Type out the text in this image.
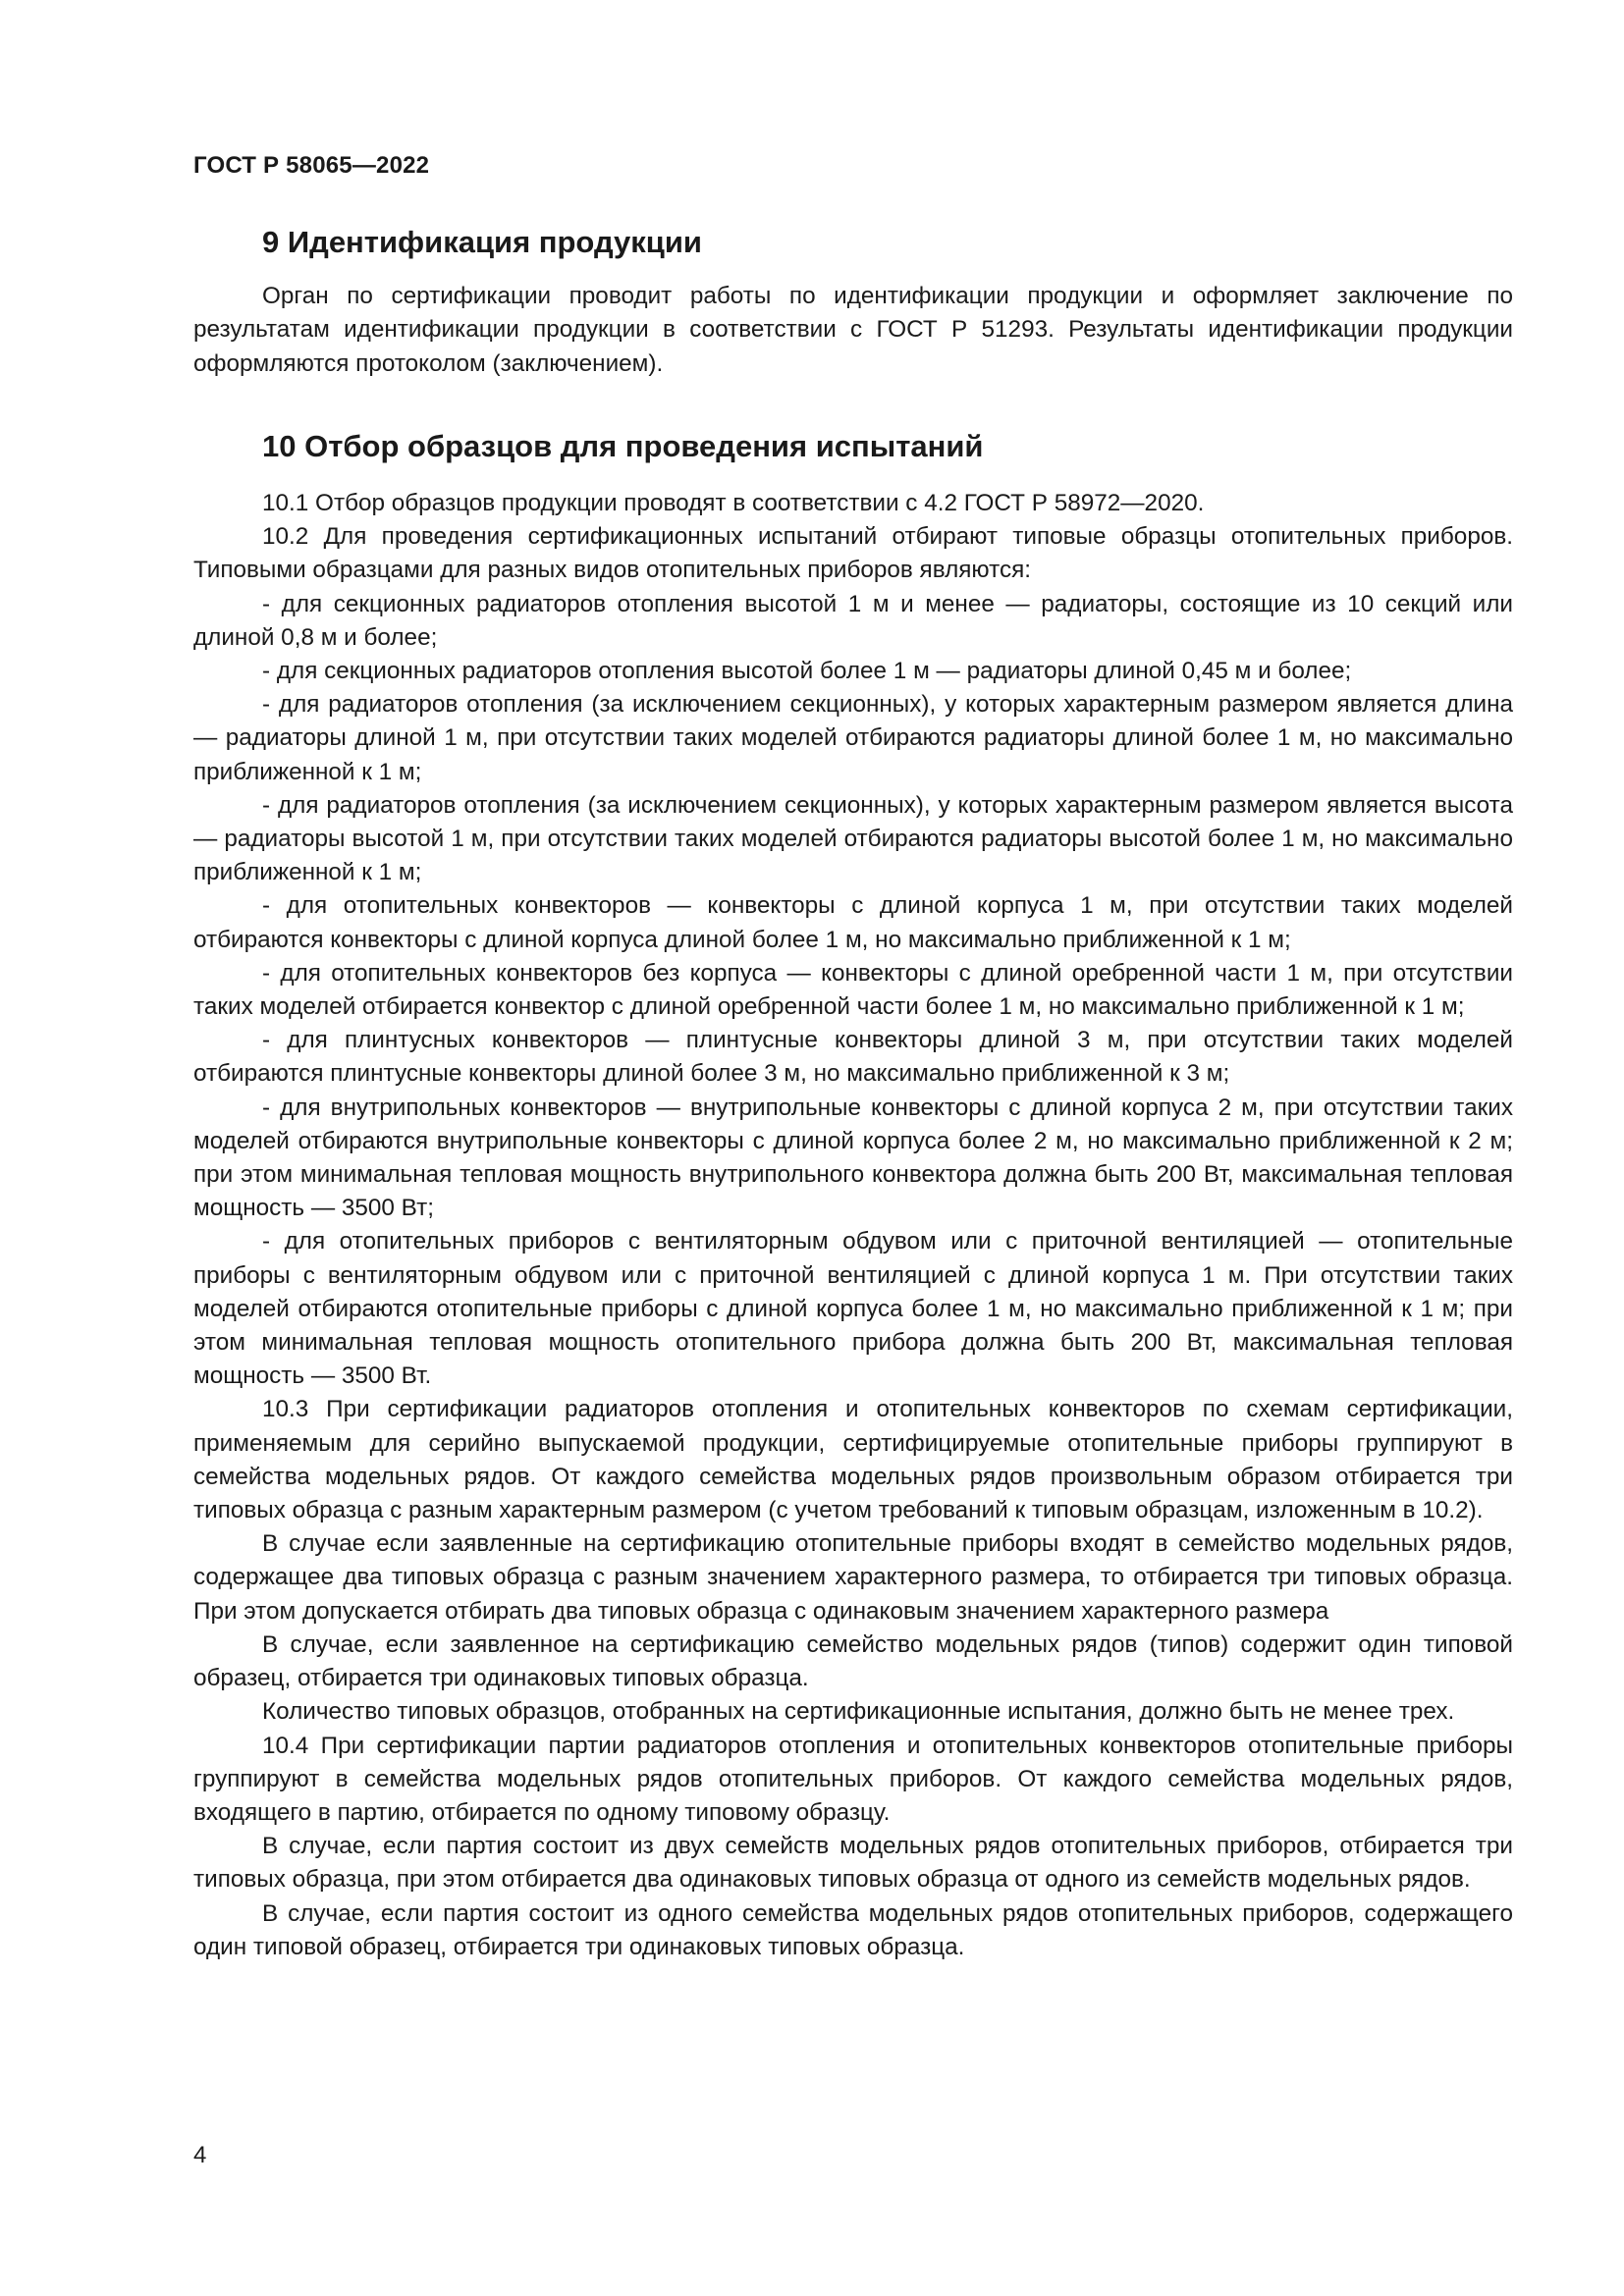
ГОСТ Р 58065—2022
9 Идентификация продукции

Орган по сертификации проводит работы по идентификации продукции и оформляет заключение по результатам идентификации продукции в соответствии с ГОСТ Р 51293. Результаты идентификации продукции оформляются протоколом (заключением).

10 Отбор образцов для проведения испытаний

10.1 Отбор образцов продукции проводят в соответствии с 4.2 ГОСТ Р 58972—2020.

10.2 Для проведения сертификационных испытаний отбирают типовые образцы отопительных приборов. Типовыми образцами для разных видов отопительных приборов являются:

- для секционных радиаторов отопления высотой 1 м и менее — радиаторы, состоящие из 10 секций или длиной 0,8 м и более;

- для секционных радиаторов отопления высотой более 1 м — радиаторы длиной 0,45 м и более;

- для радиаторов отопления (за исключением секционных), у которых характерным размером является длина — радиаторы длиной 1 м, при отсутствии таких моделей отбираются радиаторы длиной более 1 м, но максимально приближенной к 1 м;

- для радиаторов отопления (за исключением секционных), у которых характерным размером является высота — радиаторы высотой 1 м, при отсутствии таких моделей отбираются радиаторы высотой более 1 м, но максимально приближенной к 1 м;

- для отопительных конвекторов — конвекторы с длиной корпуса 1 м, при отсутствии таких моделей отбираются конвекторы с длиной корпуса длиной более 1 м, но максимально приближенной к 1 м;

- для отопительных конвекторов без корпуса — конвекторы с длиной оребренной части 1 м, при отсутствии таких моделей отбирается конвектор с длиной оребренной части более 1 м, но максимально приближенной к 1 м;

- для плинтусных конвекторов — плинтусные конвекторы длиной 3 м, при отсутствии таких моделей отбираются плинтусные конвекторы длиной более 3 м, но максимально приближенной к 3 м;

- для внутрипольных конвекторов — внутрипольные конвекторы с длиной корпуса 2 м, при отсутствии таких моделей отбираются внутрипольные конвекторы с длиной корпуса более 2 м, но максимально приближенной к 2 м; при этом минимальная тепловая мощность внутрипольного конвектора должна быть 200 Вт, максимальная тепловая мощность — 3500 Вт;

- для отопительных приборов с вентиляторным обдувом или с приточной вентиляцией — отопительные приборы с вентиляторным обдувом или с приточной вентиляцией с длиной корпуса 1 м. При отсутствии таких моделей отбираются отопительные приборы с длиной корпуса более 1 м, но максимально приближенной к 1 м; при этом минимальная тепловая мощность отопительного прибора должна быть 200 Вт, максимальная тепловая мощность — 3500 Вт.

10.3 При сертификации радиаторов отопления и отопительных конвекторов по схемам сертификации, применяемым для серийно выпускаемой продукции, сертифицируемые отопительные приборы группируют в семейства модельных рядов. От каждого семейства модельных рядов произвольным образом отбирается три типовых образца с разным характерным размером (с учетом требований к типовым образцам, изложенным в 10.2).

В случае если заявленные на сертификацию отопительные приборы входят в семейство модельных рядов, содержащее два типовых образца с разным значением характерного размера, то отбирается три типовых образца. При этом допускается отбирать два типовых образца с одинаковым значением характерного размера

В случае, если заявленное на сертификацию семейство модельных рядов (типов) содержит один типовой образец, отбирается три одинаковых типовых образца.

Количество типовых образцов, отобранных на сертификационные испытания, должно быть не менее трех.

10.4 При сертификации партии радиаторов отопления и отопительных конвекторов отопительные приборы группируют в семейства модельных рядов отопительных приборов. От каждого семейства модельных рядов, входящего в партию, отбирается по одному типовому образцу.

В случае, если партия состоит из двух семейств модельных рядов отопительных приборов, отбирается три типовых образца, при этом отбирается два одинаковых типовых образца от одного из семейств модельных рядов.

В случае, если партия состоит из одного семейства модельных рядов отопительных приборов, содержащего один типовой образец, отбирается три одинаковых типовых образца.

4
